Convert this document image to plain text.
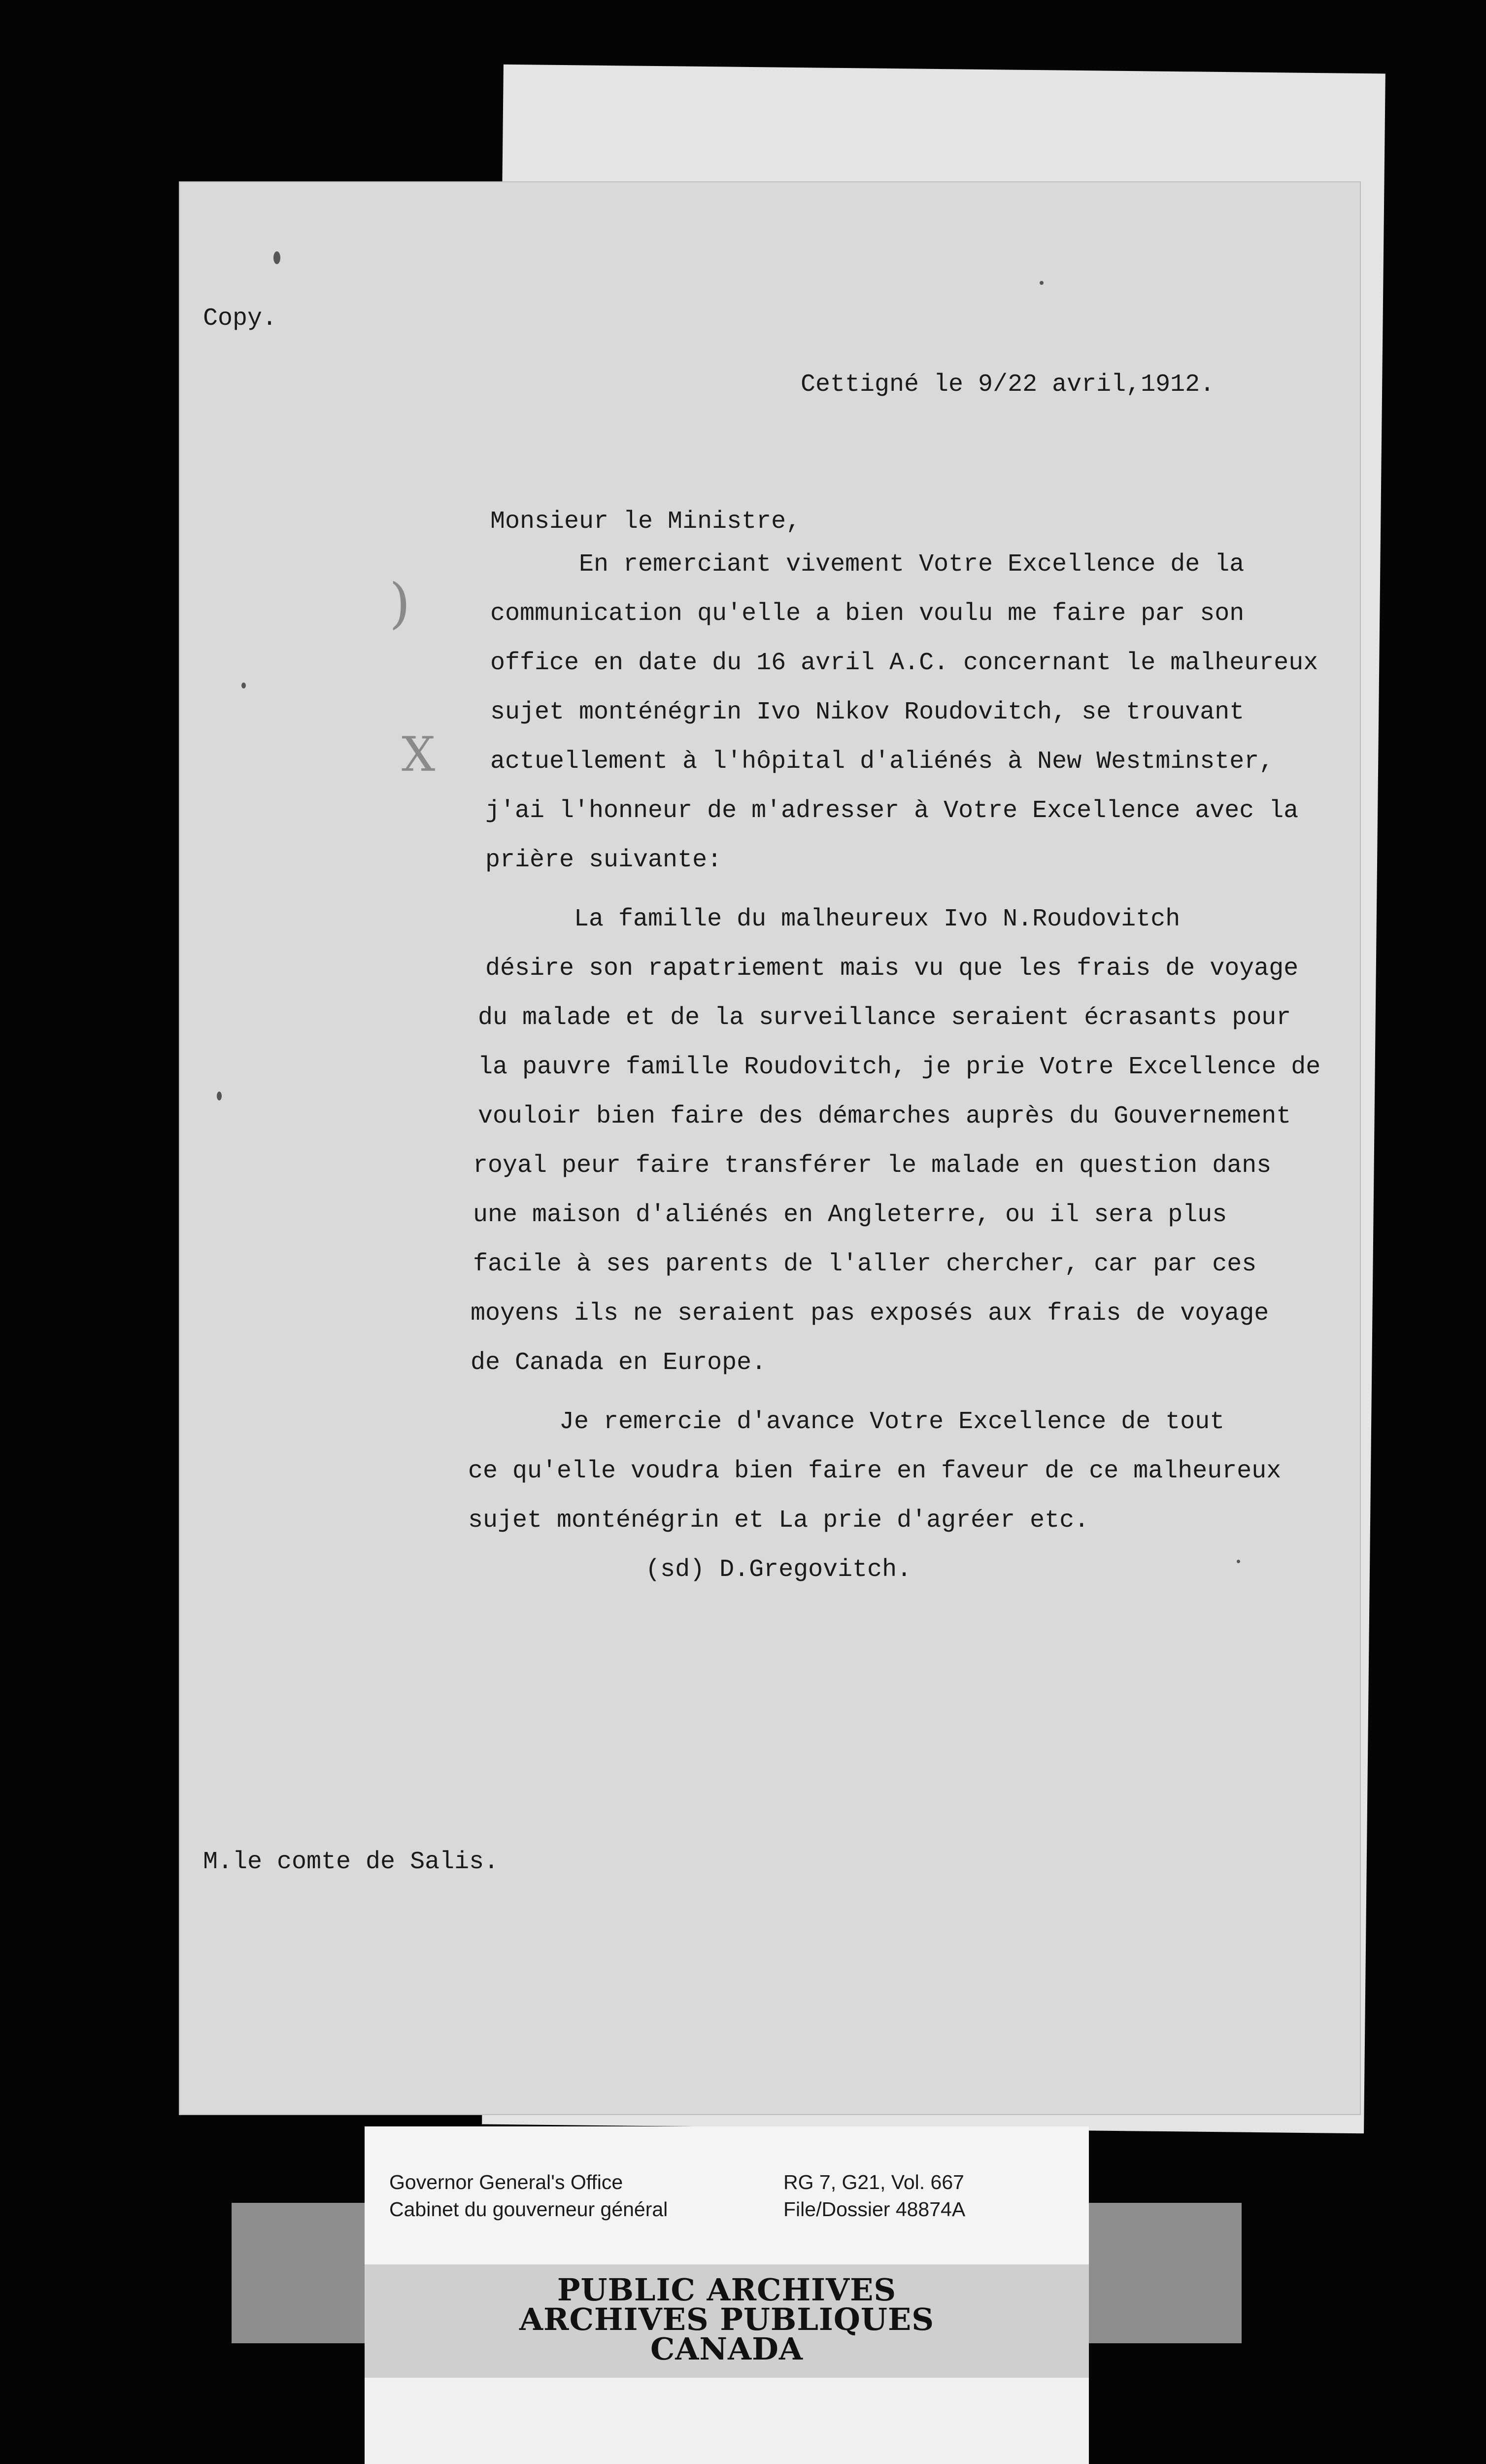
)
X
Copy.
Cettigné le 9/22 avril,1912.
Monsieur le Ministre,
En remerciant vivement Votre Excellence de la
communication qu'elle a bien voulu me faire par son
office en date du 16 avril A.C. concernant le malheureux
sujet monténégrin Ivo Nikov Roudovitch, se trouvant
actuellement à l'hôpital d'aliénés à New Westminster,
j'ai l'honneur de m'adresser à Votre Excellence avec la
prière suivante:
La famille du malheureux Ivo N.Roudovitch
désire son rapatriement mais vu que les frais de voyage
du malade et de la surveillance seraient écrasants pour
la pauvre famille Roudovitch, je prie Votre Excellence de
vouloir bien faire des démarches auprès du Gouvernement
royal peur faire transférer le malade en question dans
une maison d'aliénés en Angleterre, ou il sera plus
facile à ses parents de l'aller chercher, car par ces
moyens ils ne seraient pas exposés aux frais de voyage
de Canada en Europe.
Je remercie d'avance Votre Excellence de tout
ce qu'elle voudra bien faire en faveur de ce malheureux
sujet monténégrin et La prie d'agréer etc.
(sd) D.Gregovitch.
M.le comte de Salis.
Governor General's Office
Cabinet du gouverneur général
RG 7, G21, Vol. 667
File/Dossier 48874A
PUBLIC ARCHIVES
ARCHIVES PUBLIQUES
CANADA
